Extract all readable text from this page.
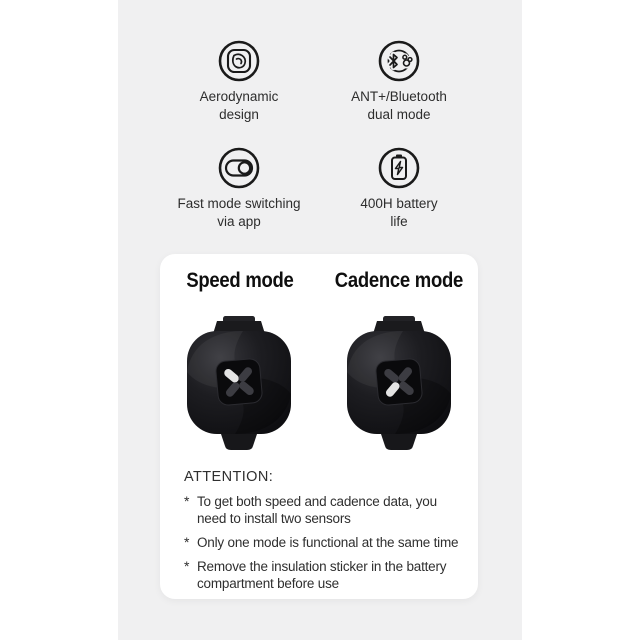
Aerodynamic
design
ANT+/Bluetooth
dual mode
Fast mode switching
via app
400H battery
life
Speed mode	Cadence mode

ATTENTION:

* To get both speed and cadence data, you
need to install two sensors
* Only one mode is functional at the same time
* Remove the insulation sticker in the battery
compartment before use
